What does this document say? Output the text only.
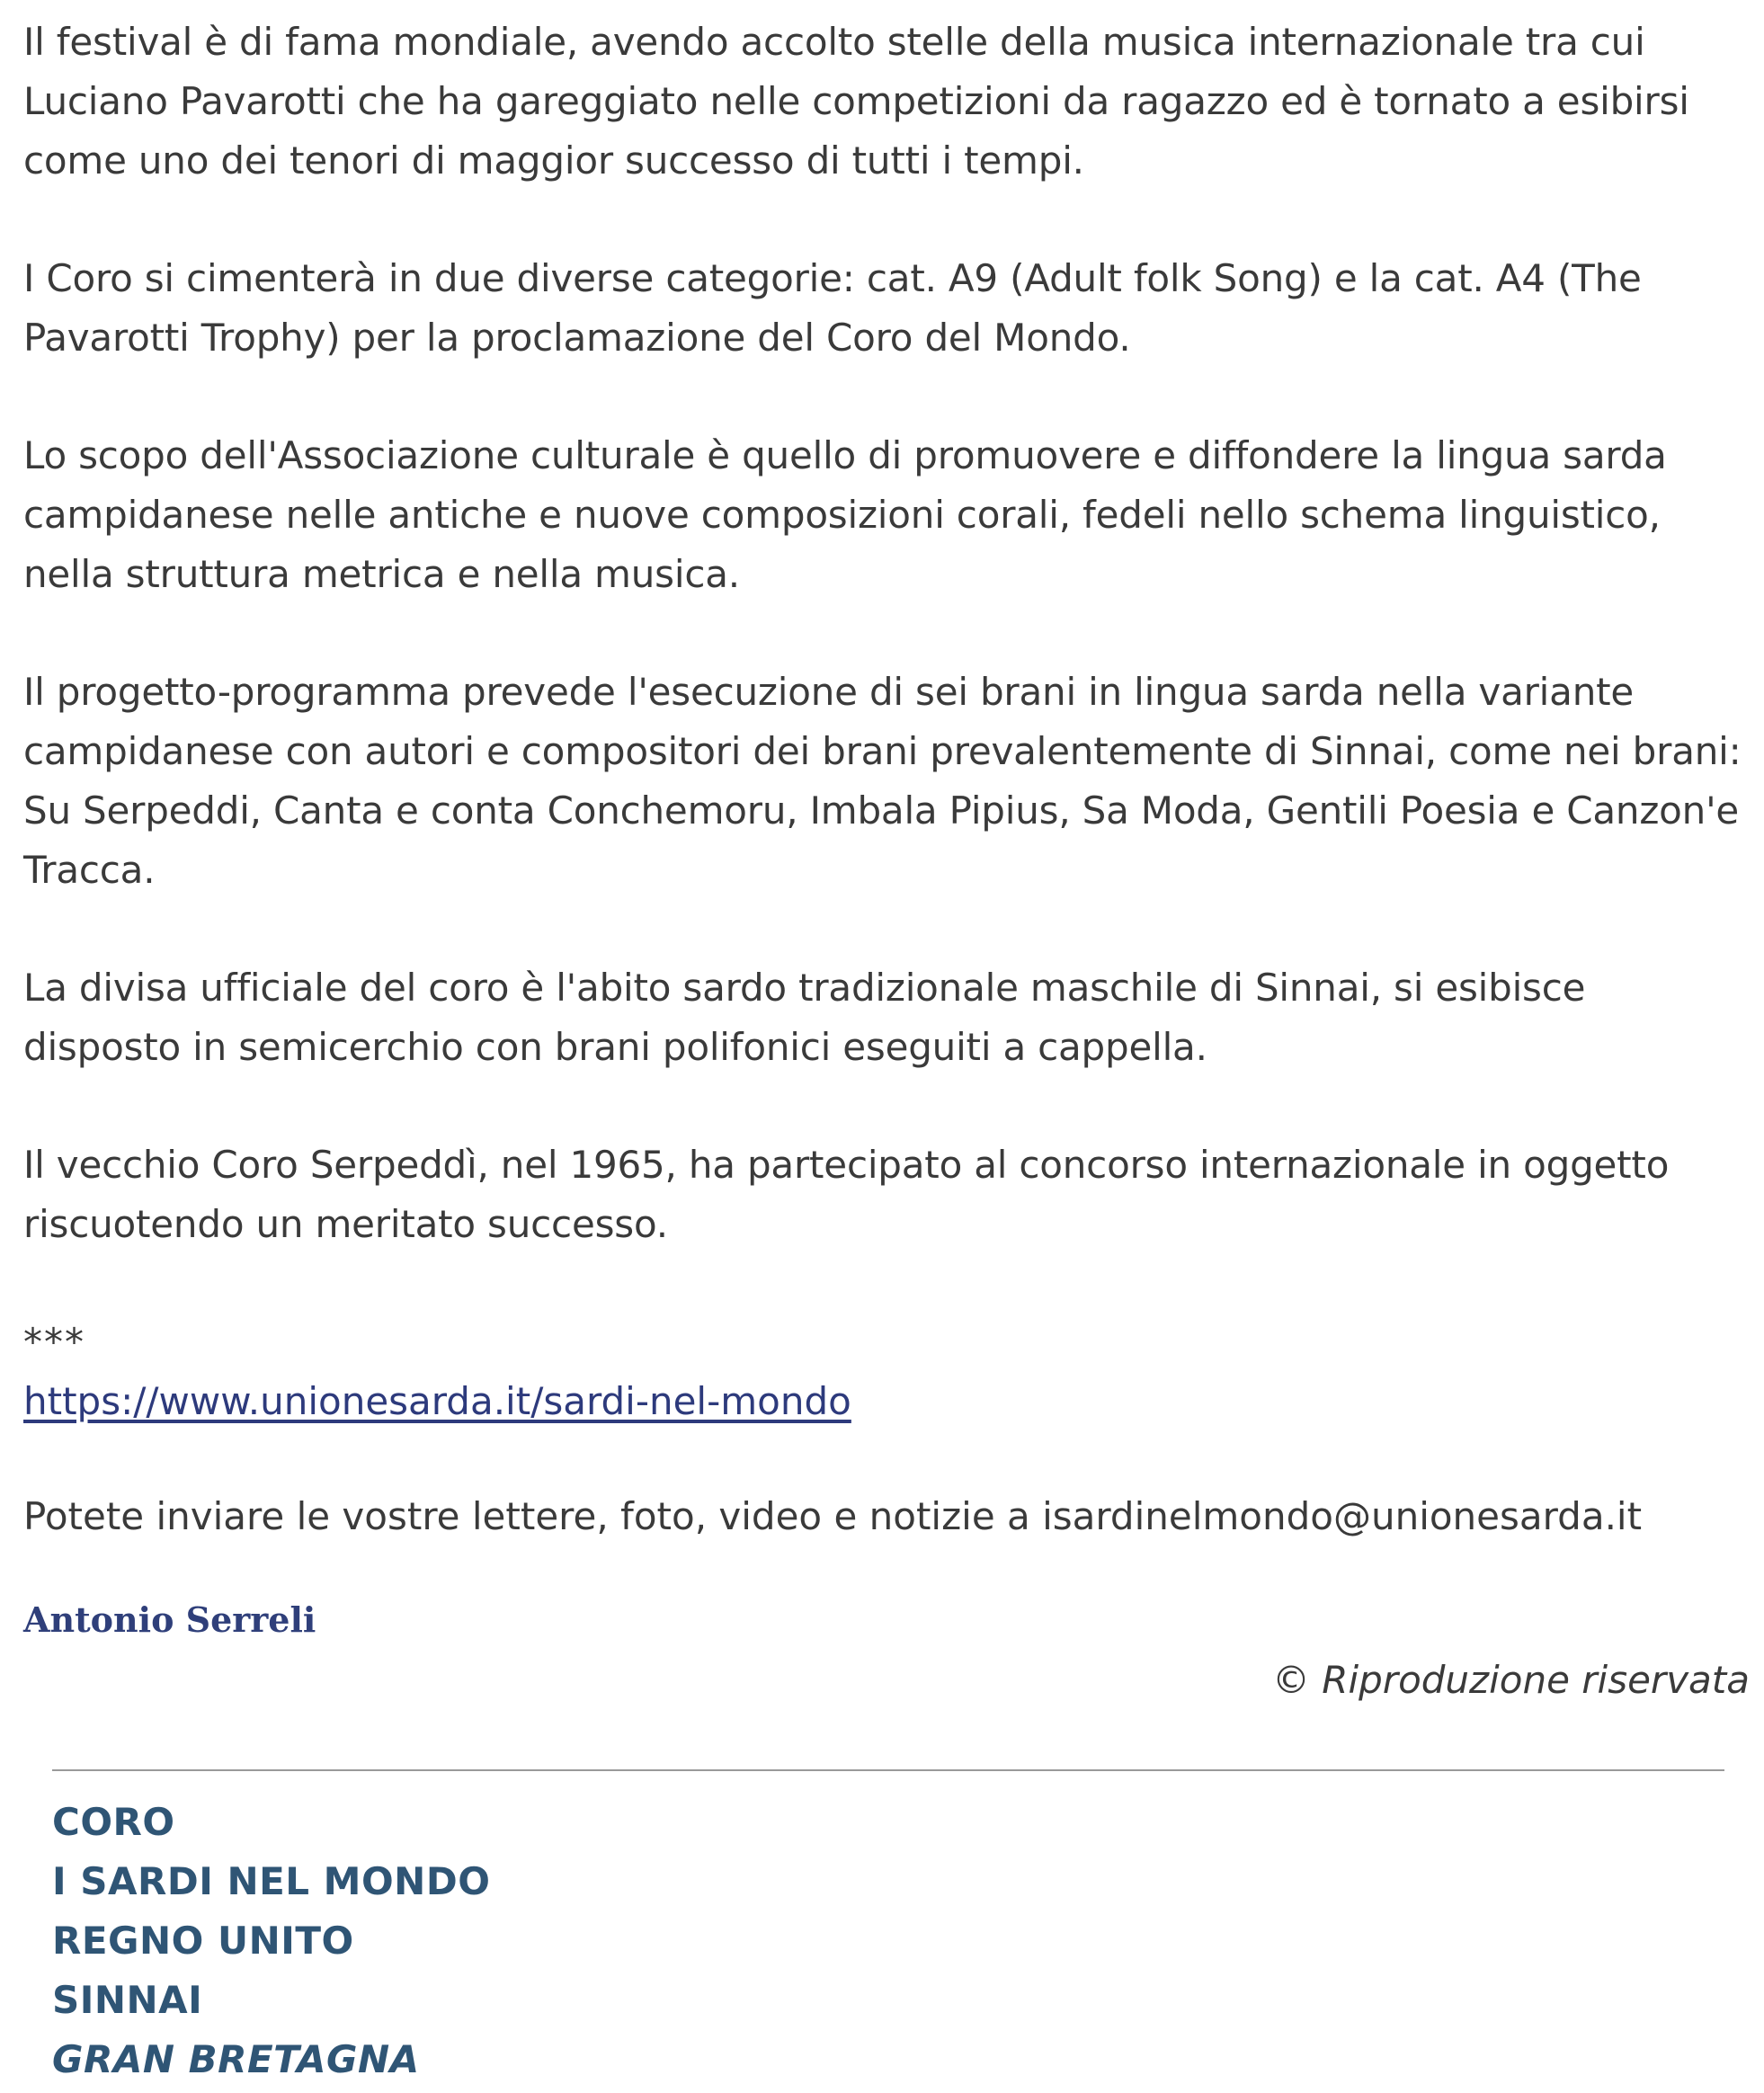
Il festival è di fama mondiale, avendo accolto stelle della musica internazionale tra cui Luciano Pavarotti che ha gareggiato nelle competizioni da ragazzo ed è tornato a esibirsi come uno dei tenori di maggior successo di tutti i tempi.

I Coro si cimenterà in due diverse categorie: cat. A9 (Adult folk Song) e la cat. A4 (The Pavarotti Trophy) per la proclamazione del Coro del Mondo.

Lo scopo dell'Associazione culturale è quello di promuovere e diffondere la lingua sarda campidanese nelle antiche e nuove composizioni corali, fedeli nello schema linguistico, nella struttura metrica e nella musica.

Il progetto-programma prevede l'esecuzione di sei brani in lingua sarda nella variante campidanese con autori e compositori dei brani prevalentemente di Sinnai, come nei brani: Su Serpeddi, Canta e conta Conchemoru, Imbala Pipius, Sa Moda, Gentili Poesia e Canzon'e Tracca.

La divisa ufficiale del coro è l'abito sardo tradizionale maschile di Sinnai, si esibisce disposto in semicerchio con brani polifonici eseguiti a cappella.

Il vecchio Coro Serpeddì, nel 1965, ha partecipato al concorso internazionale in oggetto riscuotendo un meritato successo.

***

https://www.unionesarda.it/sardi-nel-mondo

Potete inviare le vostre lettere, foto, video e notizie a isardinelmondo@unionesarda.it

Antonio Serreli

© Riproduzione riservata

CORO
I SARDI NEL MONDO
REGNO UNITO
SINNAI
GRAN BRETAGNA
